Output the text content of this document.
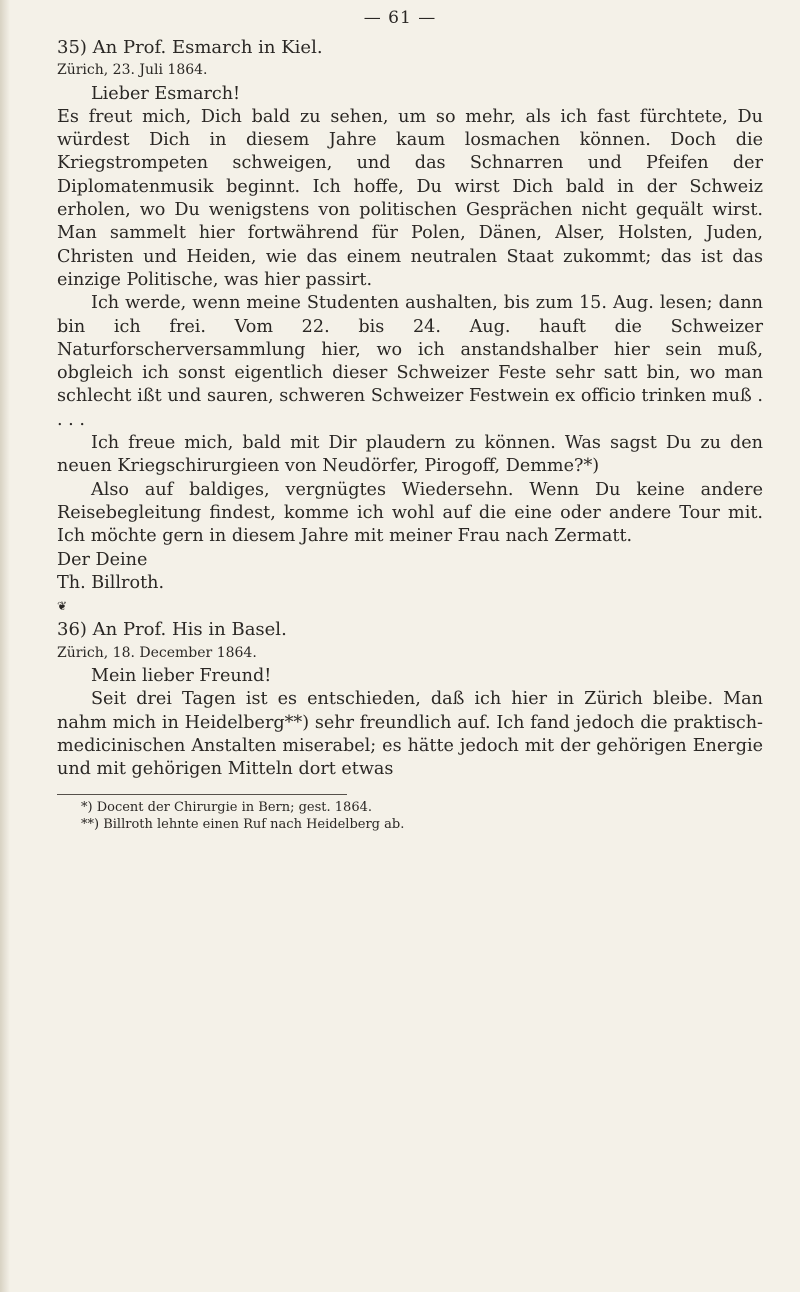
— 61 —

35) An Prof. Esmarch in Kiel.

Zürich, 23. Juli 1864.

Lieber Esmarch!

Es freut mich, Dich bald zu sehen, um so mehr, als ich fast fürchtete, Du würdest Dich in diesem Jahre kaum losmachen können. Doch die Kriegstrompeten schweigen, und das Schnarren und Pfeifen der Diplomatenmusik beginnt. Ich hoffe, Du wirst Dich bald in der Schweiz erholen, wo Du wenigstens von politischen Gesprächen nicht gequält wirst. Man sammelt hier fortwährend für Polen, Dänen, Alser, Holsten, Juden, Christen und Heiden, wie das einem neutralen Staat zukommt; das ist das einzige Politische, was hier passirt.

Ich werde, wenn meine Studenten aushalten, bis zum 15. Aug. lesen; dann bin ich frei. Vom 22. bis 24. Aug. hauft die Schweizer Naturforscherversammlung hier, wo ich anstandshalber hier sein muß, obgleich ich sonst eigentlich dieser Schweizer Feste sehr satt bin, wo man schlecht ißt und sauren, schweren Schweizer Festwein ex officio trinken muß . . . .

Ich freue mich, bald mit Dir plaudern zu können. Was sagst Du zu den neuen Kriegschirurgieen von Neudörfer, Pirogoff, Demme?*)

Also auf baldiges, vergnügtes Wiedersehn. Wenn Du keine andere Reisebegleitung findest, komme ich wohl auf die eine oder andere Tour mit. Ich möchte gern in diesem Jahre mit meiner Frau nach Zermatt.

Der Deine

Th. Billroth.

❦

36) An Prof. His in Basel.

Zürich, 18. December 1864.

Mein lieber Freund!

Seit drei Tagen ist es entschieden, daß ich hier in Zürich bleibe. Man nahm mich in Heidelberg**) sehr freundlich auf. Ich fand jedoch die praktisch-medicinischen Anstalten miserabel; es hätte jedoch mit der gehörigen Energie und mit gehörigen Mitteln dort etwas

*) Docent der Chirurgie in Bern; gest. 1864.

**) Billroth lehnte einen Ruf nach Heidelberg ab.
